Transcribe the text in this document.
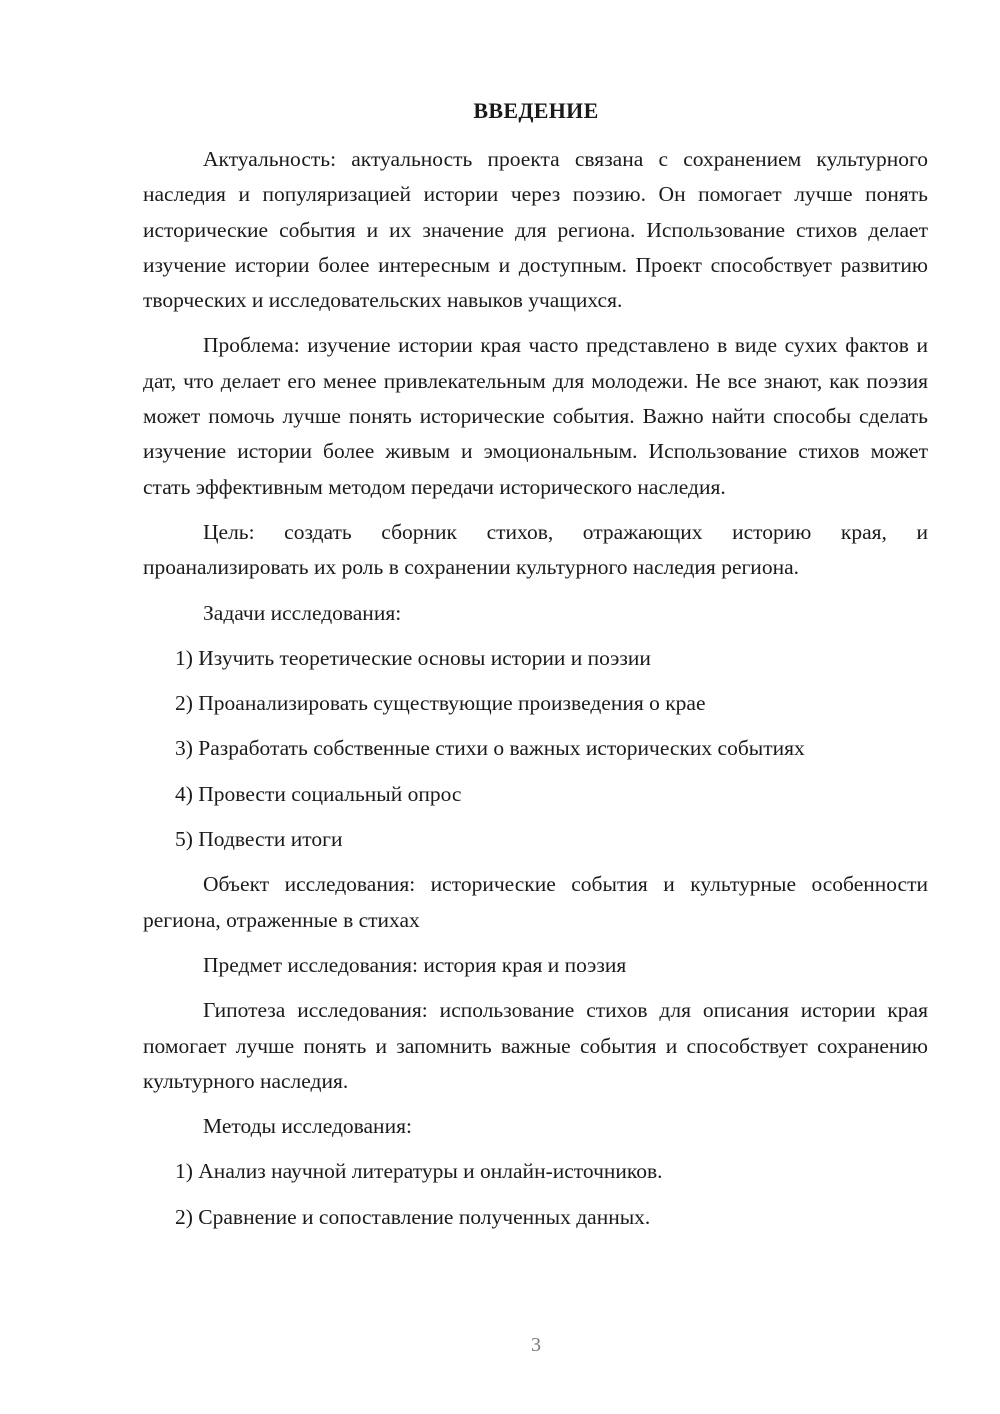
ВВЕДЕНИЕ

Актуальность: актуальность проекта связана с сохранением культурного наследия и популяризацией истории через поэзию. Он помогает лучше понять исторические события и их значение для региона. Использование стихов делает изучение истории более интересным и доступным. Проект способствует развитию творческих и исследовательских навыков учащихся.

Проблема: изучение истории края часто представлено в виде сухих фактов и дат, что делает его менее привлекательным для молодежи. Не все знают, как поэзия может помочь лучше понять исторические события. Важно найти способы сделать изучение истории более живым и эмоциональным. Использование стихов может стать эффективным методом передачи исторического наследия.

Цель: создать сборник стихов, отражающих историю края, и проанализировать их роль в сохранении культурного наследия региона.

Задачи исследования:

1) Изучить теоретические основы истории и поэзии

2) Проанализировать существующие произведения о крае

3) Разработать собственные стихи о важных исторических событиях

4) Провести социальный опрос

5) Подвести итоги

Объект исследования: исторические события и культурные особенности региона, отраженные в стихах

Предмет исследования: история края и поэзия

Гипотеза исследования: использование стихов для описания истории края помогает лучше понять и запомнить важные события и способствует сохранению культурного наследия.

Методы исследования:

1) Анализ научной литературы и онлайн-источников.

2) Сравнение и сопоставление полученных данных.

3
